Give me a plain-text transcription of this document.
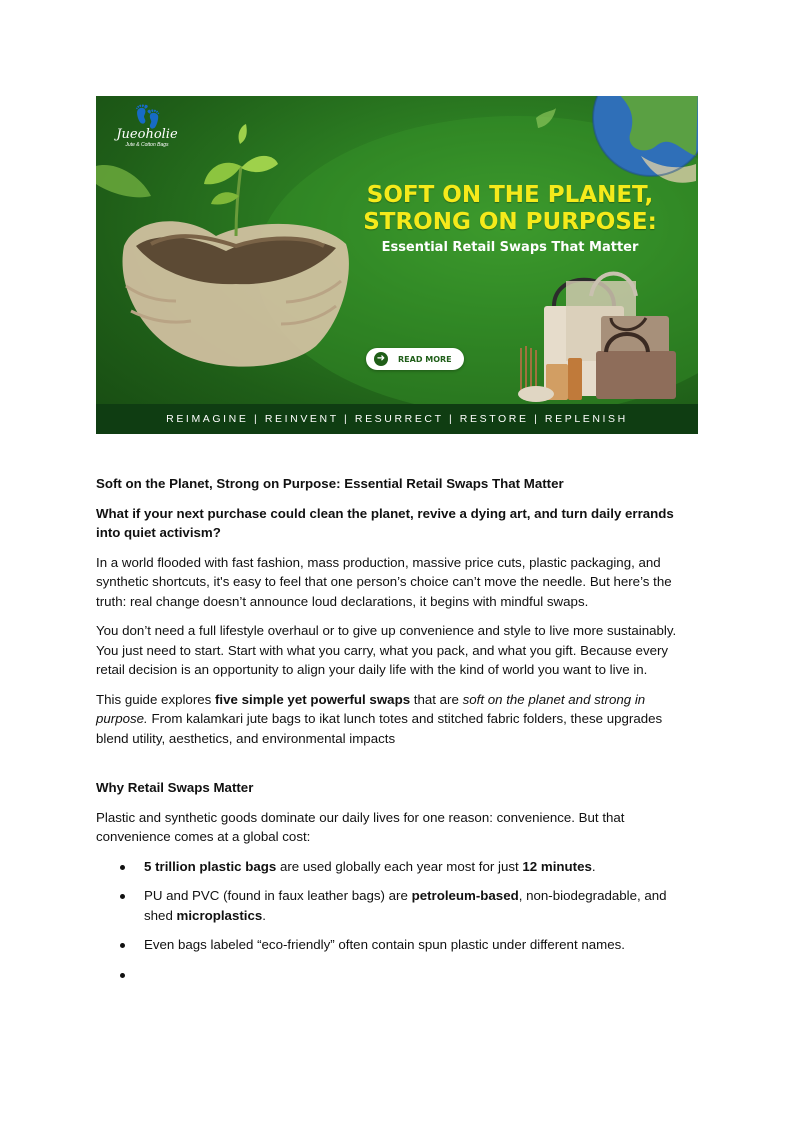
👣
Jueoholie
Jute & Cotton Bags
SOFT ON THE PLANET,
STRONG ON PURPOSE:
Essential Retail Swaps That Matter
➜	READ MORE
REIMAGINE | REINVENT | RESURRECT | RESTORE | REPLENISH

Soft on the Planet, Strong on Purpose: Essential Retail Swaps That Matter

What if your next purchase could clean the planet, revive a dying art, and turn daily errands into quiet activism?

In a world flooded with fast fashion, mass production, massive price cuts, plastic packaging, and synthetic shortcuts, it's easy to feel that one person’s choice can’t move the needle. But here’s the truth: real change doesn’t announce loud declarations, it begins with mindful swaps.

You don’t need a full lifestyle overhaul or to give up convenience and style to live more sustainably. You just need to start. Start with what you carry, what you pack, and what you gift. Because every retail decision is an opportunity to align your daily life with the kind of world you want to live in.

This guide explores five simple yet powerful swaps that are soft on the planet and strong in purpose. From kalamkari jute bags to ikat lunch totes and stitched fabric folders, these upgrades blend utility, aesthetics, and environmental impacts

Why Retail Swaps Matter

Plastic and synthetic goods dominate our daily lives for one reason: convenience. But that convenience comes at a global cost:

5 trillion plastic bags are used globally each year most for just 12 minutes.
PU and PVC (found in faux leather bags) are petroleum-based, non-biodegradable, and shed microplastics.
Even bags labeled “eco-friendly” often contain spun plastic under different names.
